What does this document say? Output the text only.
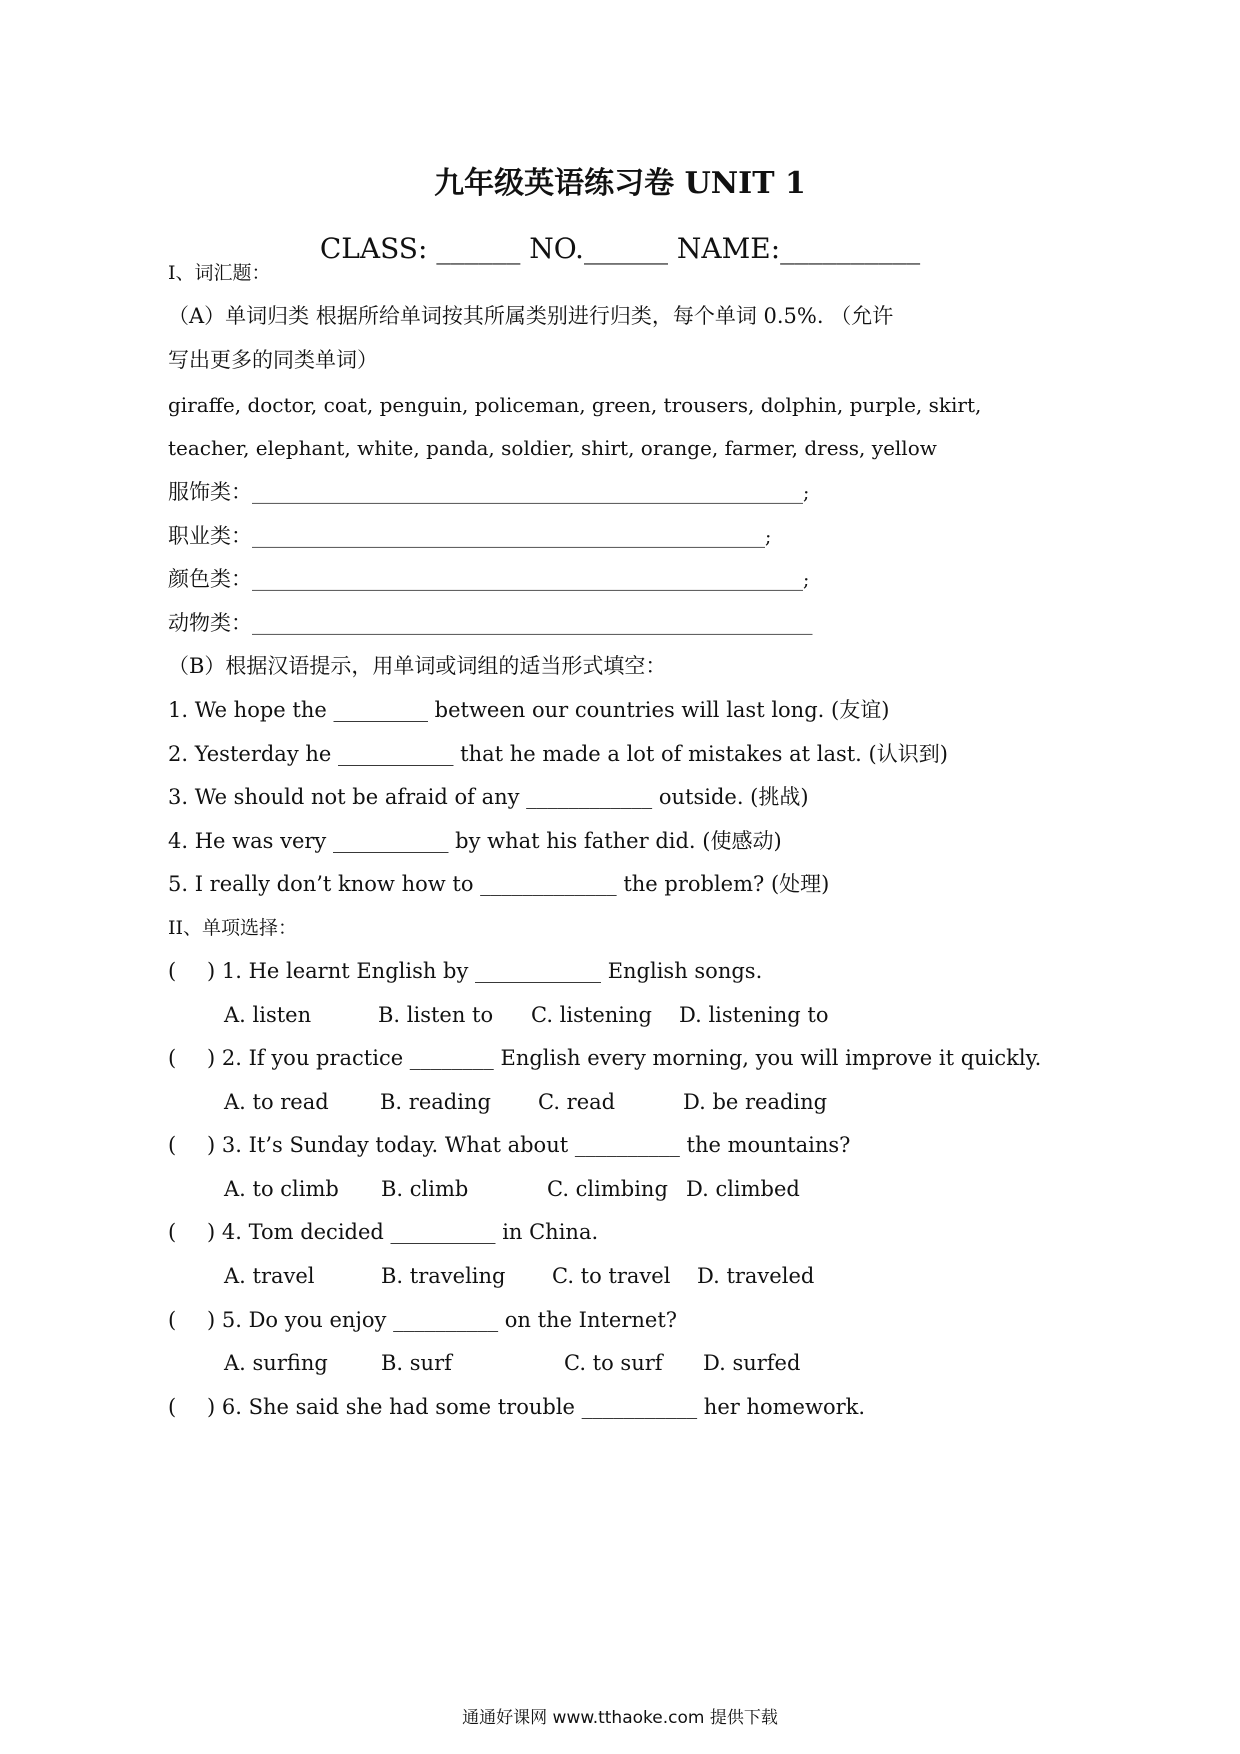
九年级英语练习卷 UNIT 1
CLASS: ______ NO.______ NAME:__________
I、词汇题：
（A）单词归类 根据所给单词按其所属类别进行归类，每个单词 0.5%. （允许
写出更多的同类单词）
giraffe, doctor, coat, penguin, policeman, green, trousers, dolphin, purple, skirt,
teacher, elephant, white, panda, soldier, shirt, orange, farmer, dress, yellow
服饰类：__________________________________________________________;
职业类：______________________________________________________;
颜色类：__________________________________________________________;
动物类：___________________________________________________________
（B）根据汉语提示，用单词或词组的适当形式填空：
1. We hope the _________ between our countries will last long. (友谊)
2. Yesterday he ___________ that he made a lot of mistakes at last. (认识到)
3. We should not be afraid of any ____________ outside. (挑战)
4. He was very ___________ by what his father did. (使感动)
5. I really don’t know how to _____________ the problem? (处理)
II、单项选择：
( ) 1. He learnt English by ____________ English songs.
A. listen	B. listen to C. listening D. listening to
( ) 2. If you practice ________ English every morning, you will improve it quickly.
A. to read B. reading C. read	D. be reading
( ) 3. It’s Sunday today. What about __________ the mountains?
A. to climb B. climb	C. climbing D. climbed
( ) 4. Tom decided __________ in China.
A. travel	B. traveling C. to travel D. traveled
( ) 5. Do you enjoy __________ on the Internet?
A. surfing	B. surf	C. to surf D. surfed
( ) 6. She said she had some trouble ___________ her homework.
通通好课网 www.tthaoke.com 提供下载
